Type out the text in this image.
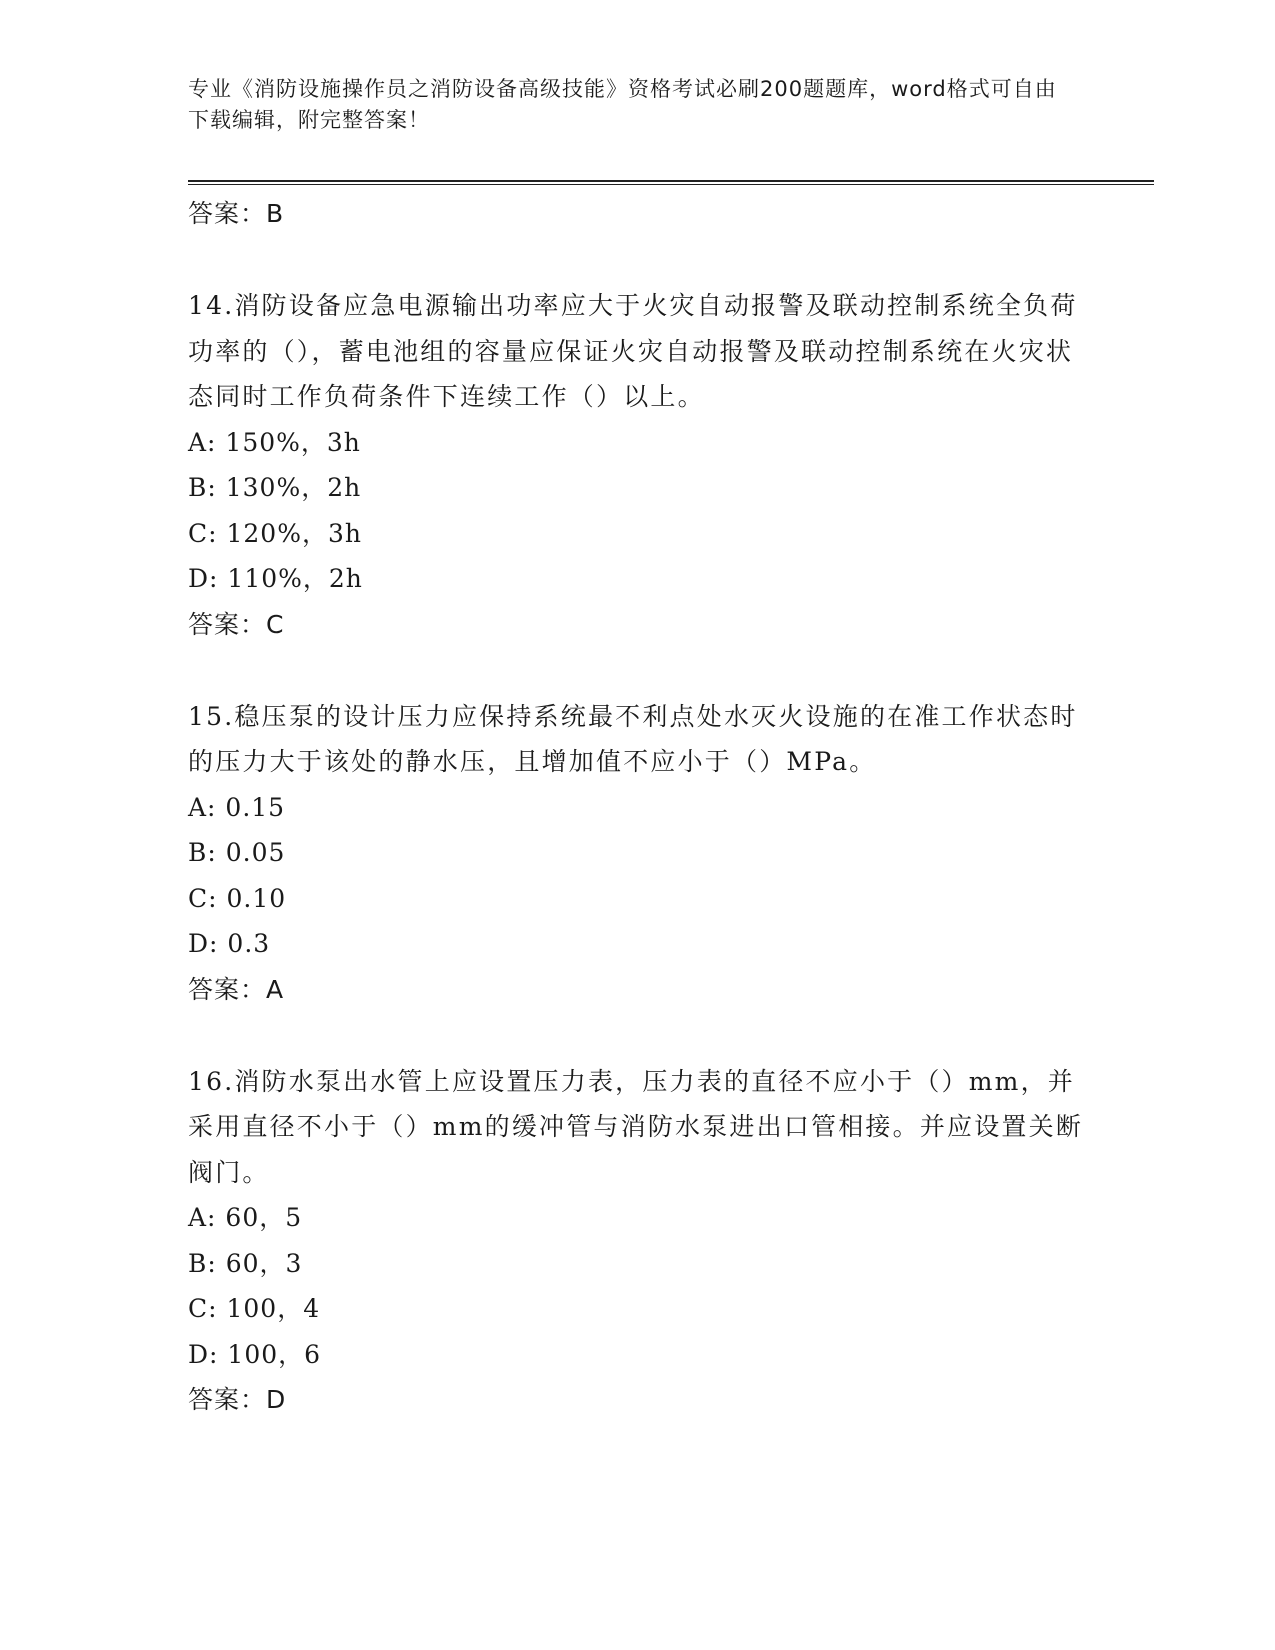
专业《消防设施操作员之消防设备高级技能》资格考试必刷200题题库，word格式可自由下载编辑，附完整答案！
答案：B

14.消防设备应急电源输出功率应大于火灾自动报警及联动控制系统全负荷功率的（），蓄电池组的容量应保证火灾自动报警及联动控制系统在火灾状态同时工作负荷条件下连续工作（）以上。

A: 150%，3h
B: 130%，2h
C: 120%，3h
D: 110%，2h
答案：C

15.稳压泵的设计压力应保持系统最不利点处水灭火设施的在准工作状态时的压力大于该处的静水压，且增加值不应小于（）MPa。

A: 0.15
B: 0.05
C: 0.10
D: 0.3
答案：A

16.消防水泵出水管上应设置压力表，压力表的直径不应小于（）mm，并采用直径不小于（）mm的缓冲管与消防水泵进出口管相接。并应设置关断阀门。

A: 60，5
B: 60，3
C: 100，4
D: 100，6
答案：D
